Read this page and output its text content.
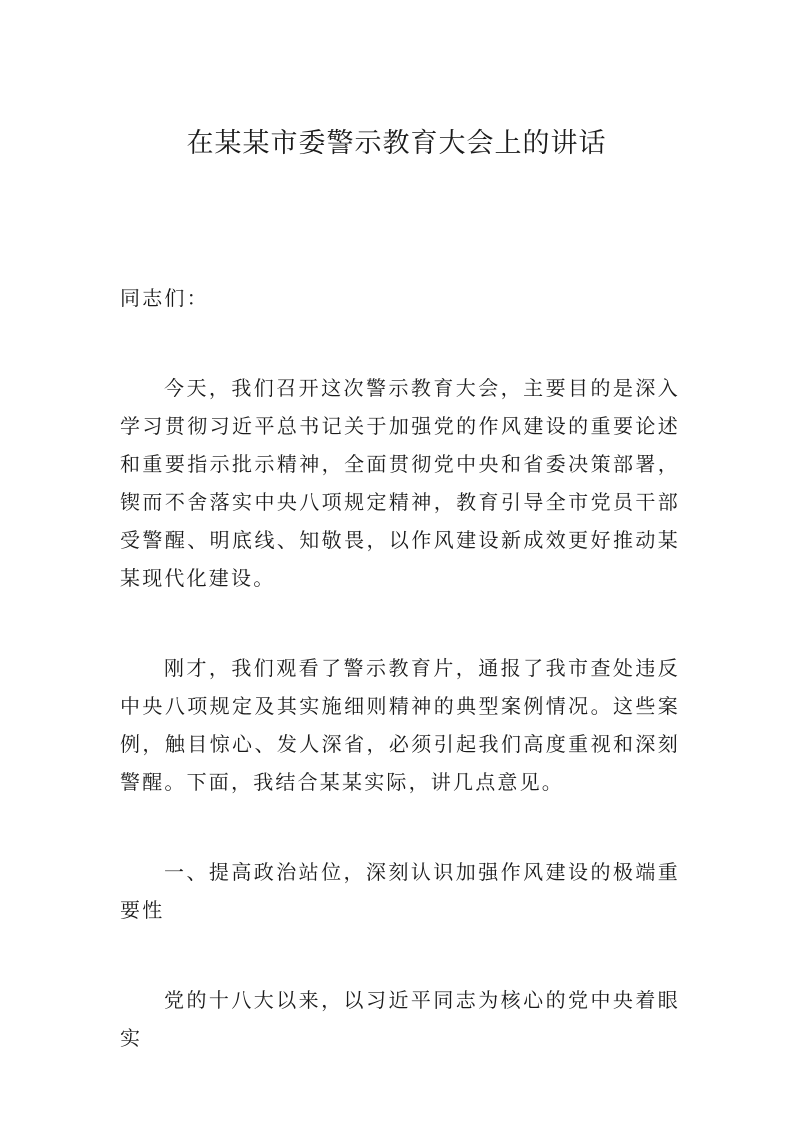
在某某市委警示教育大会上的讲话

同志们：

今天，我们召开这次警示教育大会，主要目的是深入学习贯彻习近平总书记关于加强党的作风建设的重要论述和重要指示批示精神，全面贯彻党中央和省委决策部署，锲而不舍落实中央八项规定精神，教育引导全市党员干部受警醒、明底线、知敬畏，以作风建设新成效更好推动某某现代化建设。

刚才，我们观看了警示教育片，通报了我市查处违反中央八项规定及其实施细则精神的典型案例情况。这些案例，触目惊心、发人深省，必须引起我们高度重视和深刻警醒。下面，我结合某某实际，讲几点意见。

一、提高政治站位，深刻认识加强作风建设的极端重要性

党的十八大以来，以习近平同志为核心的党中央着眼实
